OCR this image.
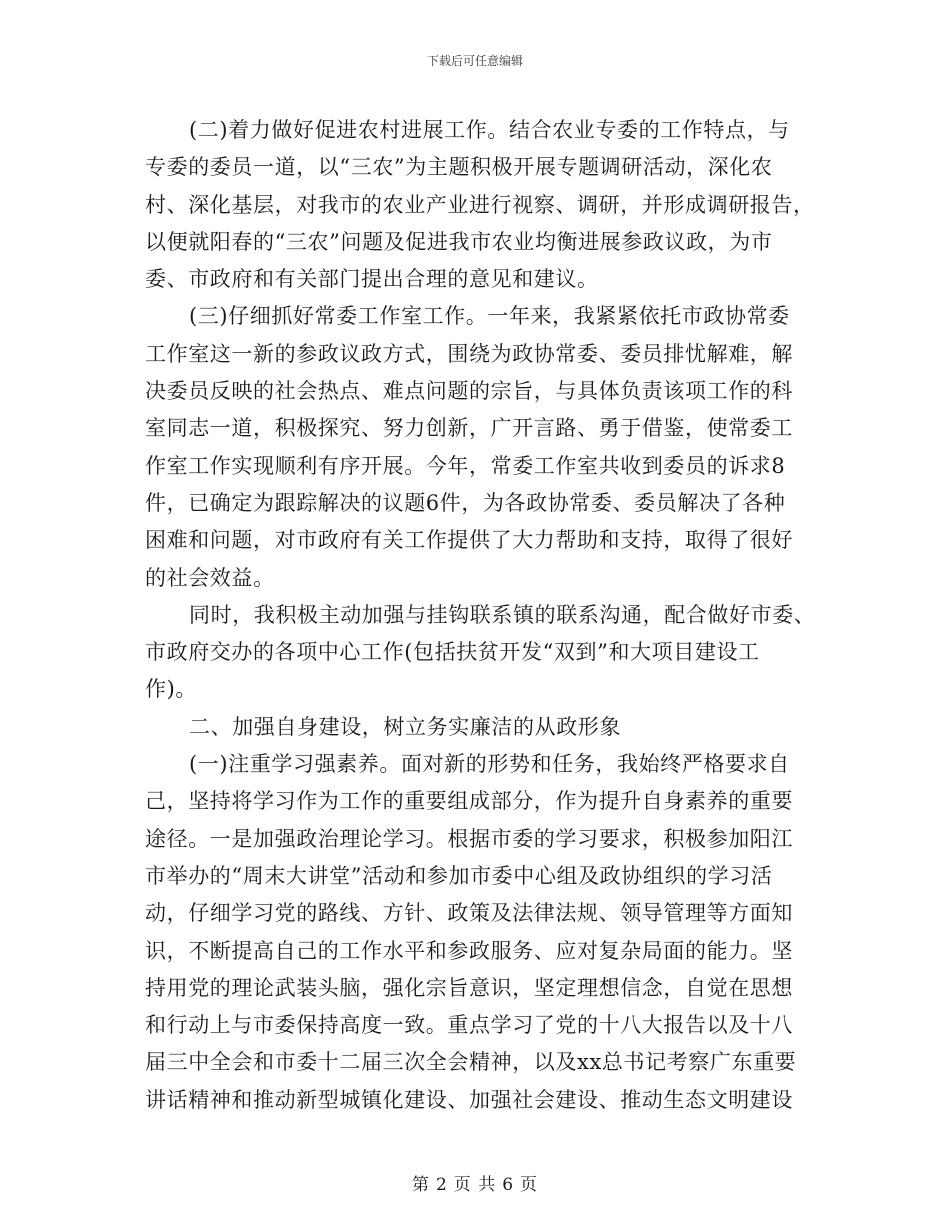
下载后可任意编辑
(二)着力做好促进农村进展工作。结合农业专委的工作特点，与
专委的委员一道，以“三农”为主题积极开展专题调研活动，深化农
村、深化基层，对我市的农业产业进行视察、调研，并形成调研报告，
以便就阳春的“三农”问题及促进我市农业均衡进展参政议政，为市
委、市政府和有关部门提出合理的意见和建议。
(三)仔细抓好常委工作室工作。一年来，我紧紧依托市政协常委
工作室这一新的参政议政方式，围绕为政协常委、委员排忧解难，解
决委员反映的社会热点、难点问题的宗旨，与具体负责该项工作的科
室同志一道，积极探究、努力创新，广开言路、勇于借鉴，使常委工
作室工作实现顺利有序开展。今年，常委工作室共收到委员的诉求8
件，已确定为跟踪解决的议题6件，为各政协常委、委员解决了各种
困难和问题，对市政府有关工作提供了大力帮助和支持，取得了很好
的社会效益。
同时，我积极主动加强与挂钩联系镇的联系沟通，配合做好市委、
市政府交办的各项中心工作(包括扶贫开发“双到”和大项目建设工
作)。
二、加强自身建设，树立务实廉洁的从政形象
(一)注重学习强素养。面对新的形势和任务，我始终严格要求自
己，坚持将学习作为工作的重要组成部分，作为提升自身素养的重要
途径。一是加强政治理论学习。根据市委的学习要求，积极参加阳江
市举办的“周末大讲堂”活动和参加市委中心组及政协组织的学习活
动，仔细学习党的路线、方针、政策及法律法规、领导管理等方面知
识，不断提高自己的工作水平和参政服务、应对复杂局面的能力。坚
持用党的理论武装头脑，强化宗旨意识，坚定理想信念，自觉在思想
和行动上与市委保持高度一致。重点学习了党的十八大报告以及十八
届三中全会和市委十二届三次全会精神，以及xx总书记考察广东重要
讲话精神和推动新型城镇化建设、加强社会建设、推动生态文明建设
第 2 页 共 6 页
